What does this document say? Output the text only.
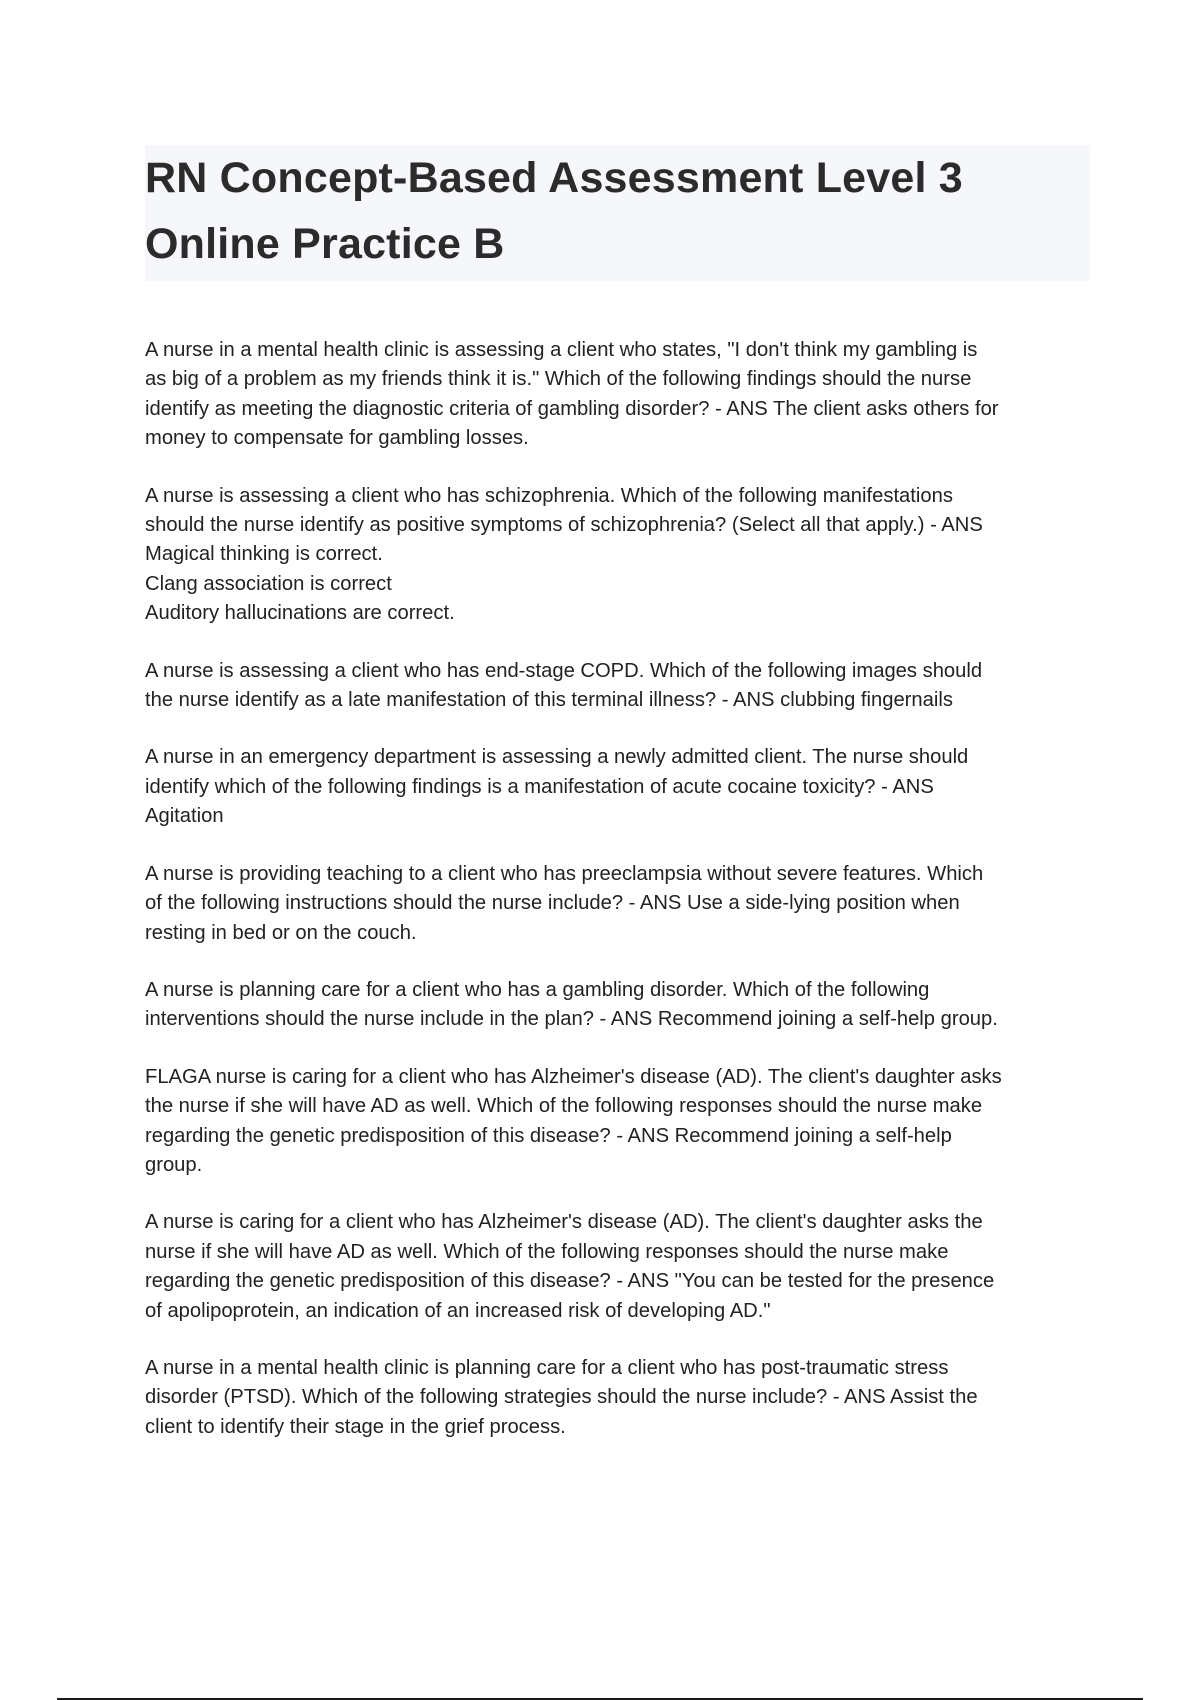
RN Concept-Based Assessment Level 3
Online Practice B

A nurse in a mental health clinic is assessing a client who states, "I don't think my gambling is
as big of a problem as my friends think it is." Which of the following findings should the nurse
identify as meeting the diagnostic criteria of gambling disorder? - ANS The client asks others for
money to compensate for gambling losses.

A nurse is assessing a client who has schizophrenia. Which of the following manifestations
should the nurse identify as positive symptoms of schizophrenia? (Select all that apply.) - ANS
Magical thinking is correct.
Clang association is correct
Auditory hallucinations are correct.

A nurse is assessing a client who has end-stage COPD. Which of the following images should
the nurse identify as a late manifestation of this terminal illness? - ANS clubbing fingernails

A nurse in an emergency department is assessing a newly admitted client. The nurse should
identify which of the following findings is a manifestation of acute cocaine toxicity? - ANS
Agitation

A nurse is providing teaching to a client who has preeclampsia without severe features. Which
of the following instructions should the nurse include? - ANS Use a side-lying position when
resting in bed or on the couch.

A nurse is planning care for a client who has a gambling disorder. Which of the following
interventions should the nurse include in the plan? - ANS Recommend joining a self-help group.

FLAGA nurse is caring for a client who has Alzheimer's disease (AD). The client's daughter asks
the nurse if she will have AD as well. Which of the following responses should the nurse make
regarding the genetic predisposition of this disease? - ANS Recommend joining a self-help
group.

A nurse is caring for a client who has Alzheimer's disease (AD). The client's daughter asks the
nurse if she will have AD as well. Which of the following responses should the nurse make
regarding the genetic predisposition of this disease? - ANS "You can be tested for the presence
of apolipoprotein, an indication of an increased risk of developing AD."

A nurse in a mental health clinic is planning care for a client who has post-traumatic stress
disorder (PTSD). Which of the following strategies should the nurse include? - ANS Assist the
client to identify their stage in the grief process.
